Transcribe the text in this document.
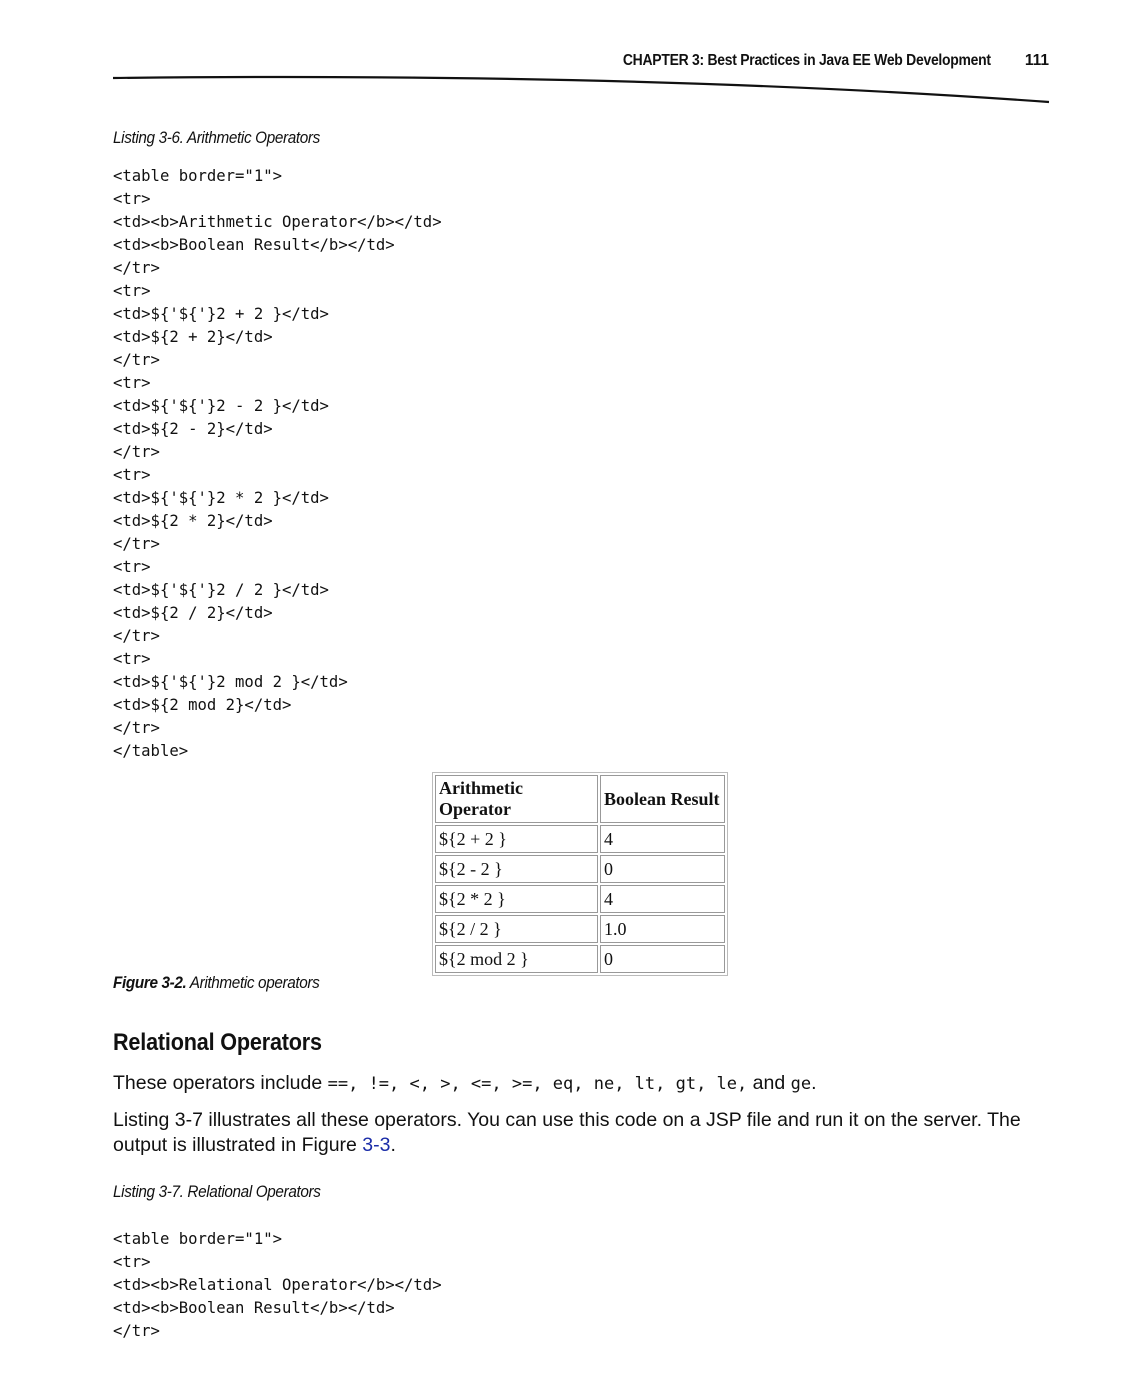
CHAPTER 3: Best Practices in Java EE Web Development 111
Listing 3-6. Arithmetic Operators
<table border="1">
<tr>
<td><b>Arithmetic Operator</b></td>
<td><b>Boolean Result</b></td>
</tr>
<tr>
<td>${'${'}2 + 2 }</td>
<td>${2 + 2}</td>
</tr>
<tr>
<td>${'${'}2 - 2 }</td>
<td>${2 - 2}</td>
</tr>
<tr>
<td>${'${'}2 * 2 }</td>
<td>${2 * 2}</td>
</tr>
<tr>
<td>${'${'}2 / 2 }</td>
<td>${2 / 2}</td>
</tr>
<tr>
<td>${'${'}2 mod 2 }</td>
<td>${2 mod 2}</td>
</tr>
</table>
Arithmetic Operator	Boolean Result
${2 + 2 }	4
${2 - 2 }	0
${2 * 2 }	4
${2 / 2 }	1.0
${2 mod 2 }	0
Figure 3-2. Arithmetic operators
Relational Operators
These operators include ==, !=, <, >, <=, >=, eq, ne, lt, gt, le, and ge.
Listing 3-7 illustrates all these operators. You can use this code on a JSP file and run it on the server. The output is illustrated in Figure 3-3.
Listing 3-7. Relational Operators
<table border="1">
<tr>
<td><b>Relational Operator</b></td>
<td><b>Boolean Result</b></td>
</tr>
